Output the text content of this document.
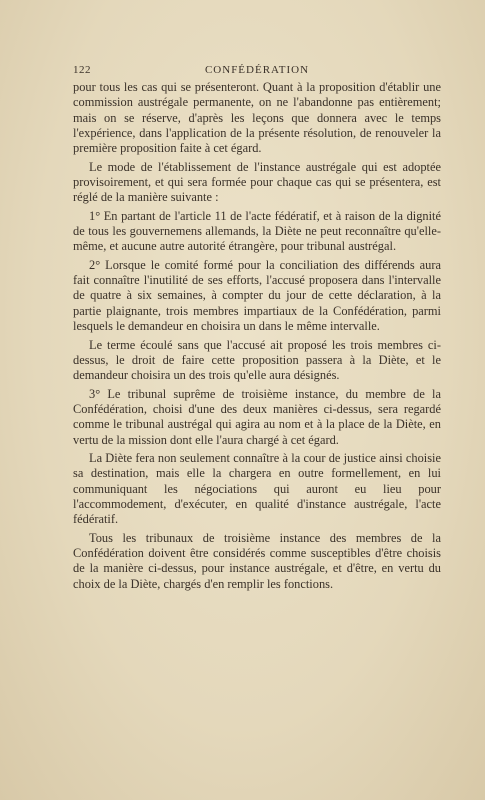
122	CONFÉDÉRATION

pour tous les cas qui se présenteront. Quant à la proposition d'établir une commission austrégale permanente, on ne l'abandonne pas entièrement; mais on se réserve, d'après les leçons que donnera avec le temps l'expérience, dans l'application de la présente résolution, de renouveler la première proposition faite à cet égard.

Le mode de l'établissement de l'instance austrégale qui est adoptée provisoirement, et qui sera formée pour chaque cas qui se présentera, est réglé de la manière suivante :

1° En partant de l'article 11 de l'acte fédératif, et à raison de la dignité de tous les gouvernemens allemands, la Diète ne peut reconnaître qu'elle-même, et aucune autre autorité étrangère, pour tribunal austrégal.

2° Lorsque le comité formé pour la conciliation des différends aura fait connaître l'inutilité de ses efforts, l'accusé proposera dans l'intervalle de quatre à six semaines, à compter du jour de cette déclaration, à la partie plaignante, trois membres impartiaux de la Confédération, parmi lesquels le demandeur en choisira un dans le même intervalle.

Le terme écoulé sans que l'accusé ait proposé les trois membres ci-dessus, le droit de faire cette proposition passera à la Diète, et le demandeur choisira un des trois qu'elle aura désignés.

3° Le tribunal suprême de troisième instance, du membre de la Confédération, choisi d'une des deux manières ci-dessus, sera regardé comme le tribunal austrégal qui agira au nom et à la place de la Diète, en vertu de la mission dont elle l'aura chargé à cet égard.

La Diète fera non seulement connaître à la cour de justice ainsi choisie sa destination, mais elle la chargera en outre formellement, en lui communiquant les négociations qui auront eu lieu pour l'accommodement, d'exécuter, en qualité d'instance austrégale, l'acte fédératif.

Tous les tribunaux de troisième instance des membres de la Confédération doivent être considérés comme susceptibles d'être choisis de la manière ci-dessus, pour instance austrégale, et d'être, en vertu du choix de la Diète, chargés d'en remplir les fonctions.
